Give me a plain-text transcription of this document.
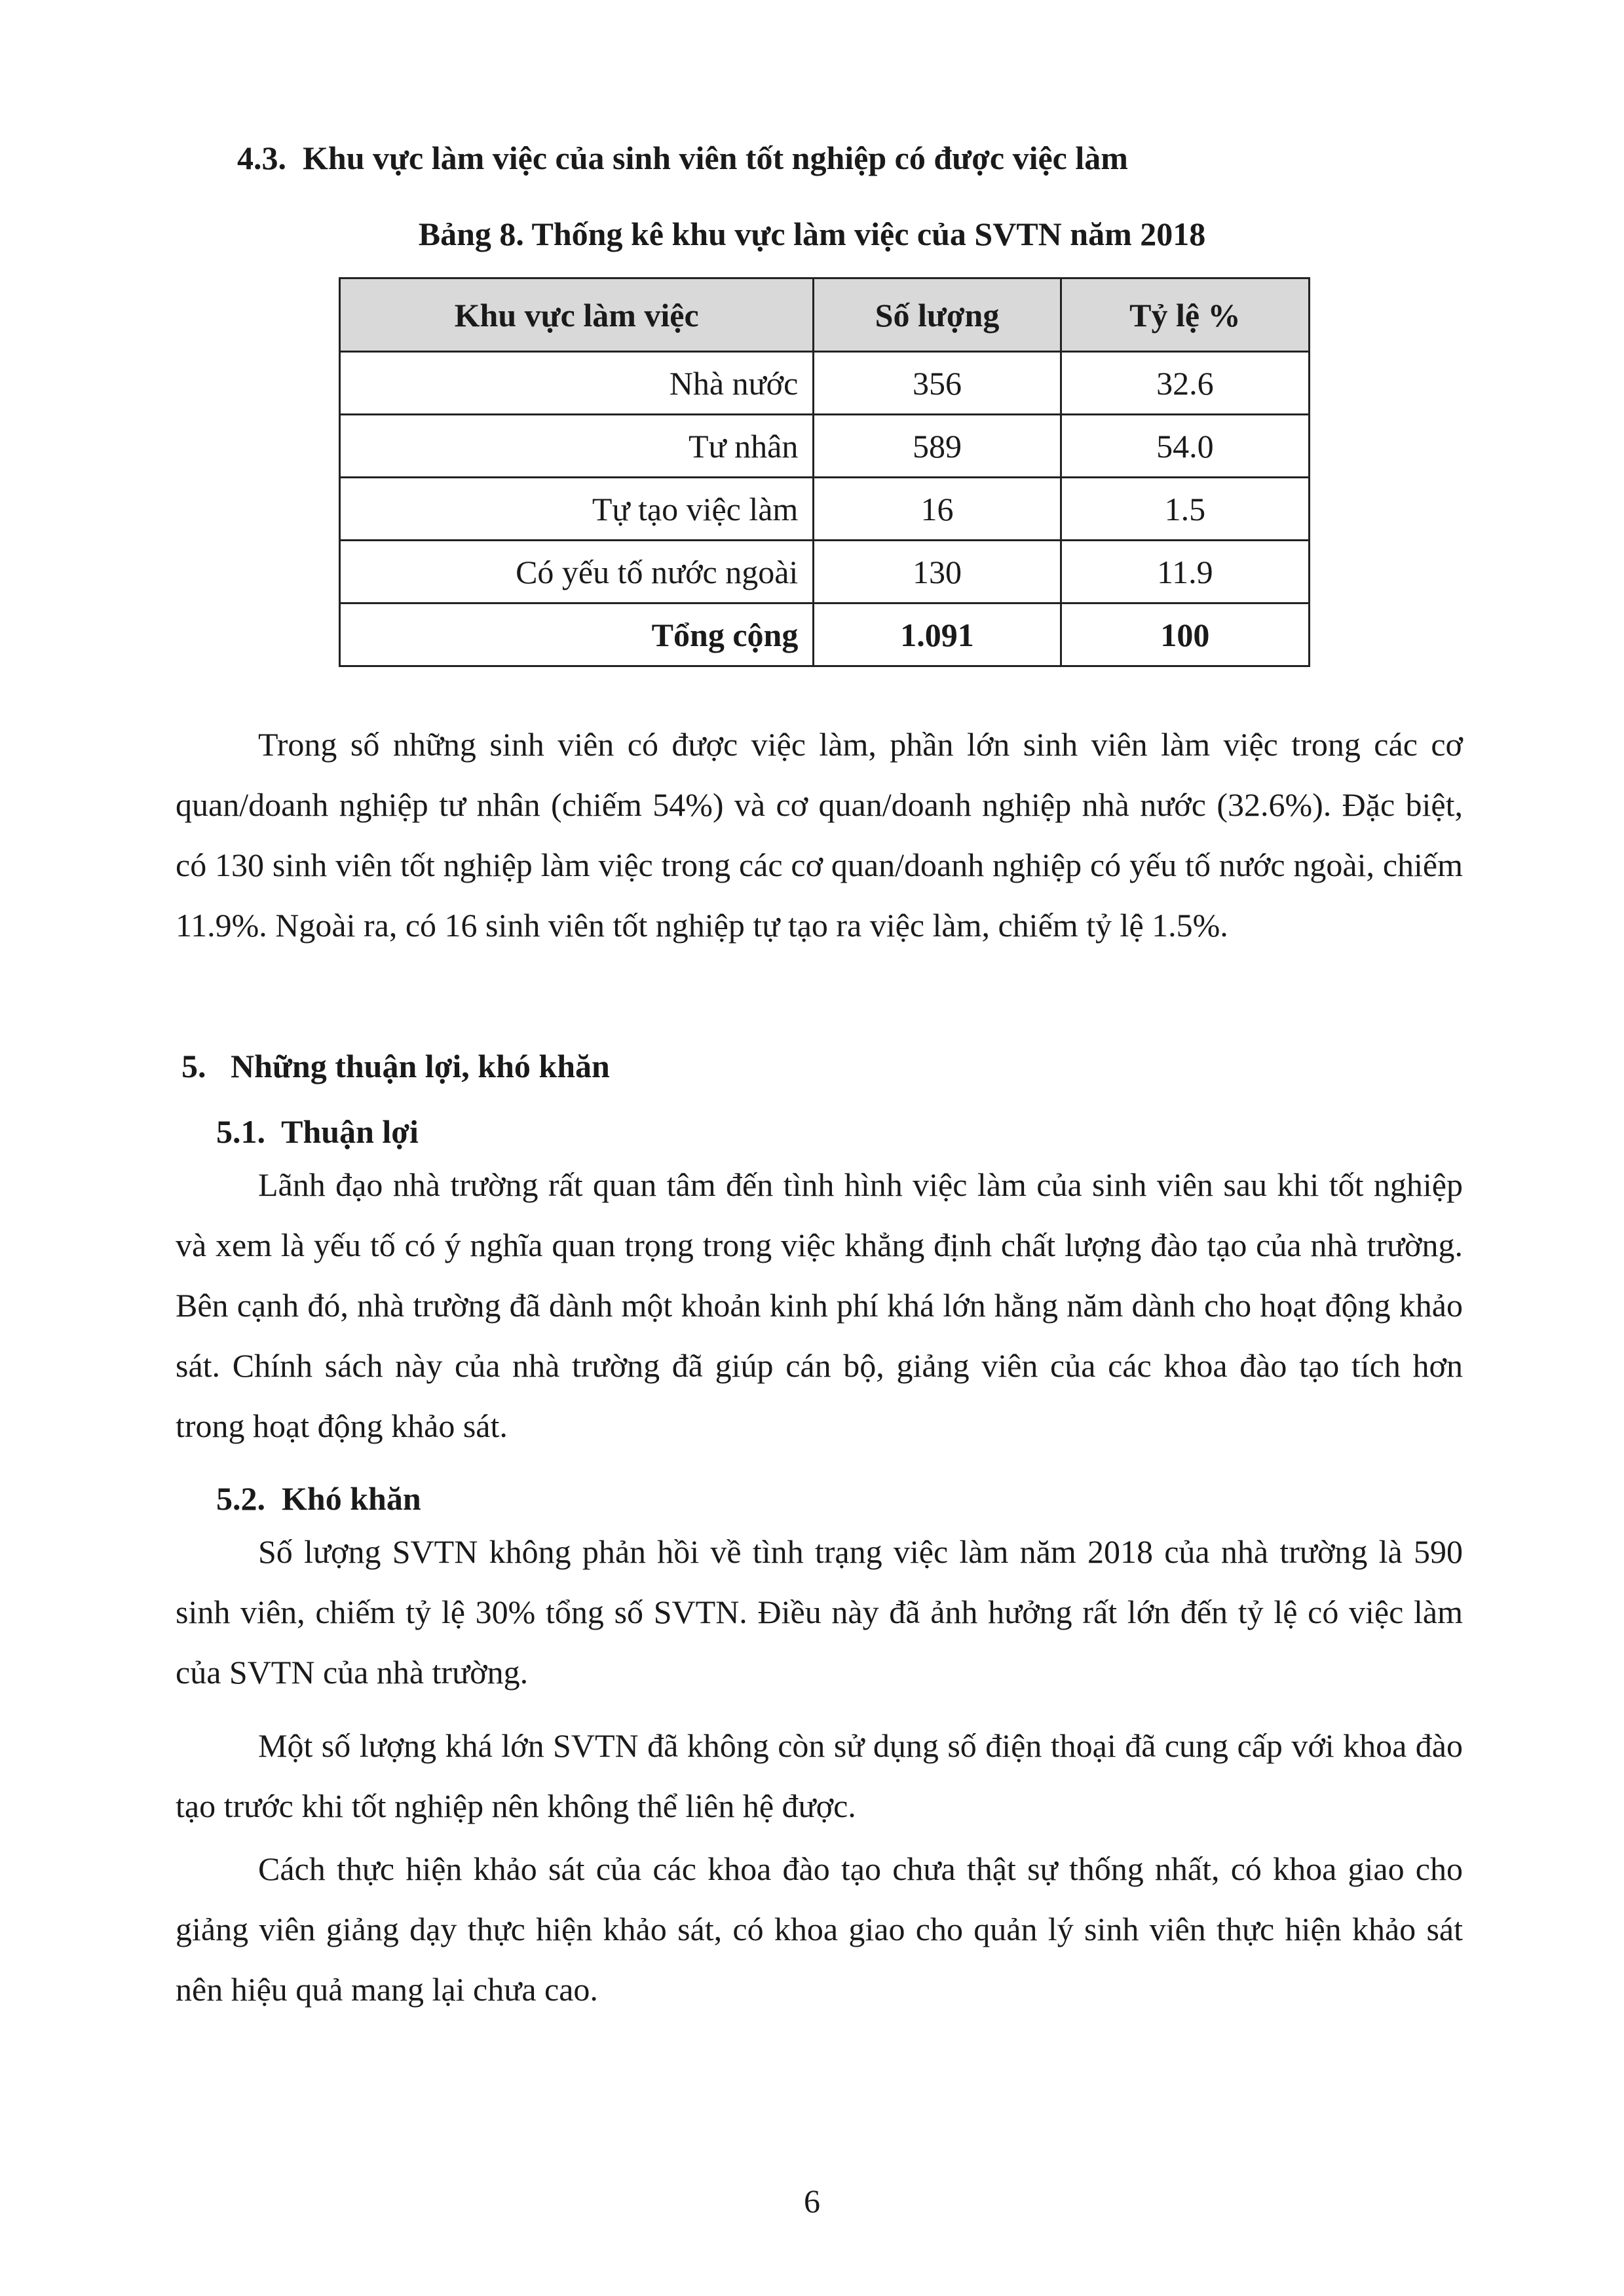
4.3. Khu vực làm việc của sinh viên tốt nghiệp có được việc làm
Bảng 8. Thống kê khu vực làm việc của SVTN năm 2018
Khu vực làm việc	Số lượng	Tỷ lệ %
Nhà nước	356	32.6
Tư nhân	589	54.0
Tự tạo việc làm	16	1.5
Có yếu tố nước ngoài	130	11.9
Tổng cộng	1.091	100

Trong số những sinh viên có được việc làm, phần lớn sinh viên làm việc trong các cơ quan/doanh nghiệp tư nhân (chiếm 54%) và cơ quan/doanh nghiệp nhà nước (32.6%). Đặc biệt, có 130 sinh viên tốt nghiệp làm việc trong các cơ quan/doanh nghiệp có yếu tố nước ngoài, chiếm 11.9%. Ngoài ra, có 16 sinh viên tốt nghiệp tự tạo ra việc làm, chiếm tỷ lệ 1.5%.

5. Những thuận lợi, khó khăn
5.1. Thuận lợi

Lãnh đạo nhà trường rất quan tâm đến tình hình việc làm của sinh viên sau khi tốt nghiệp và xem là yếu tố có ý nghĩa quan trọng trong việc khẳng định chất lượng đào tạo của nhà trường. Bên cạnh đó, nhà trường đã dành một khoản kinh phí khá lớn hằng năm dành cho hoạt động khảo sát. Chính sách này của nhà trường đã giúp cán bộ, giảng viên của các khoa đào tạo tích hơn trong hoạt động khảo sát.

5.2. Khó khăn

Số lượng SVTN không phản hồi về tình trạng việc làm năm 2018 của nhà trường là 590 sinh viên, chiếm tỷ lệ 30% tổng số SVTN. Điều này đã ảnh hưởng rất lớn đến tỷ lệ có việc làm của SVTN của nhà trường.

Một số lượng khá lớn SVTN đã không còn sử dụng số điện thoại đã cung cấp với khoa đào tạo trước khi tốt nghiệp nên không thể liên hệ được.

Cách thực hiện khảo sát của các khoa đào tạo chưa thật sự thống nhất, có khoa giao cho giảng viên giảng dạy thực hiện khảo sát, có khoa giao cho quản lý sinh viên thực hiện khảo sát nên hiệu quả mang lại chưa cao.

6
